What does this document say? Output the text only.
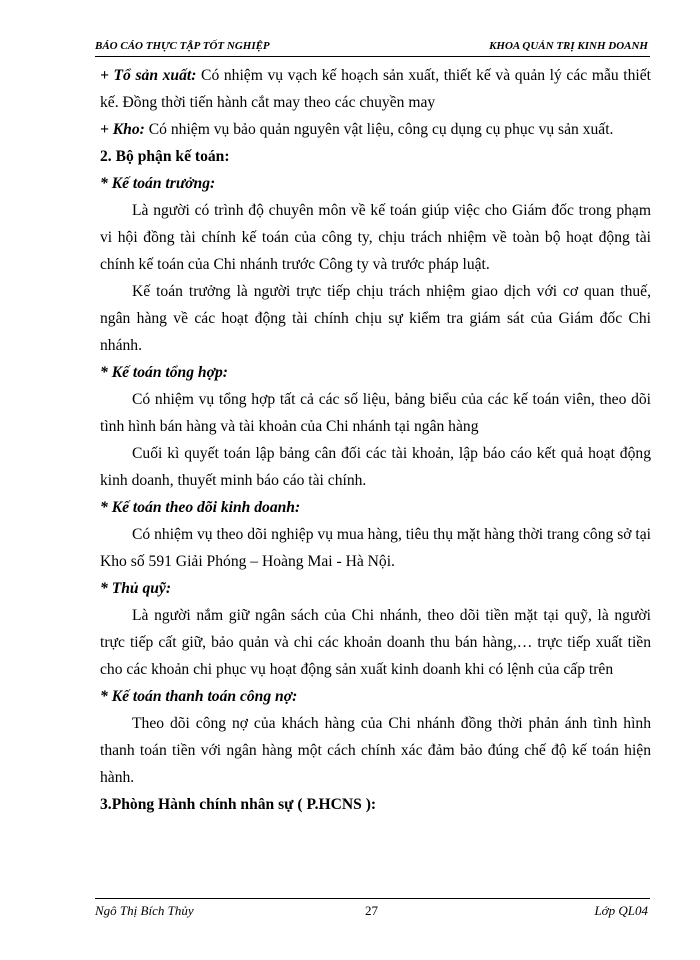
BÁO CÁO THỰC TẬP TỐT NGHIỆP	KHOA QUẢN TRỊ KINH DOANH

+ Tổ sản xuất: Có nhiệm vụ vạch kế hoạch sản xuất, thiết kế và quản lý các mẫu thiết kế. Đồng thời tiến hành cắt may theo các chuyền may

+ Kho: Có nhiệm vụ bảo quản nguyên vật liệu, công cụ dụng cụ phục vụ sản xuất.

2. Bộ phận kế toán:

* Kế toán trưởng:

Là người có trình độ chuyên môn về kế toán giúp việc cho Giám đốc trong phạm vi hội đồng tài chính kế toán của công ty, chịu trách nhiệm về toàn bộ hoạt động tài chính kế toán của Chi nhánh trước Công ty và trước pháp luật.

Kế toán trưởng là người trực tiếp chịu trách nhiệm giao dịch với cơ quan thuế, ngân hàng về các hoạt động tài chính chịu sự kiểm tra giám sát của Giám đốc Chi nhánh.

* Kế toán tổng hợp:

Có nhiệm vụ tổng hợp tất cả các số liệu, bảng biểu của các kế toán viên, theo dõi tình hình bán hàng và tài khoản của Chi nhánh tại ngân hàng

Cuối kì quyết toán lập bảng cân đối các tài khoản, lập báo cáo kết quả hoạt động kinh doanh, thuyết minh báo cáo tài chính.

* Kế toán theo dõi kinh doanh:

Có nhiệm vụ theo dõi nghiệp vụ mua hàng, tiêu thụ mặt hàng thời trang công sở tại Kho số 591 Giải Phóng – Hoàng Mai - Hà Nội.

* Thủ quỹ:

Là người nắm giữ ngân sách của Chi nhánh, theo dõi tiền mặt tại quỹ, là người trực tiếp cất giữ, bảo quản và chi các khoản doanh thu bán hàng,… trực tiếp xuất tiền cho các khoản chi phục vụ hoạt động sản xuất kinh doanh khi có lệnh của cấp trên

* Kế toán thanh toán công nợ:

Theo dõi công nợ của khách hàng của Chi nhánh đồng thời phản ánh tình hình thanh toán tiền với ngân hàng một cách chính xác đảm bảo đúng chế độ kế toán hiện hành.

3.Phòng Hành chính nhân sự ( P.HCNS ):

Ngô Thị Bích Thủy	27	Lớp QL04
